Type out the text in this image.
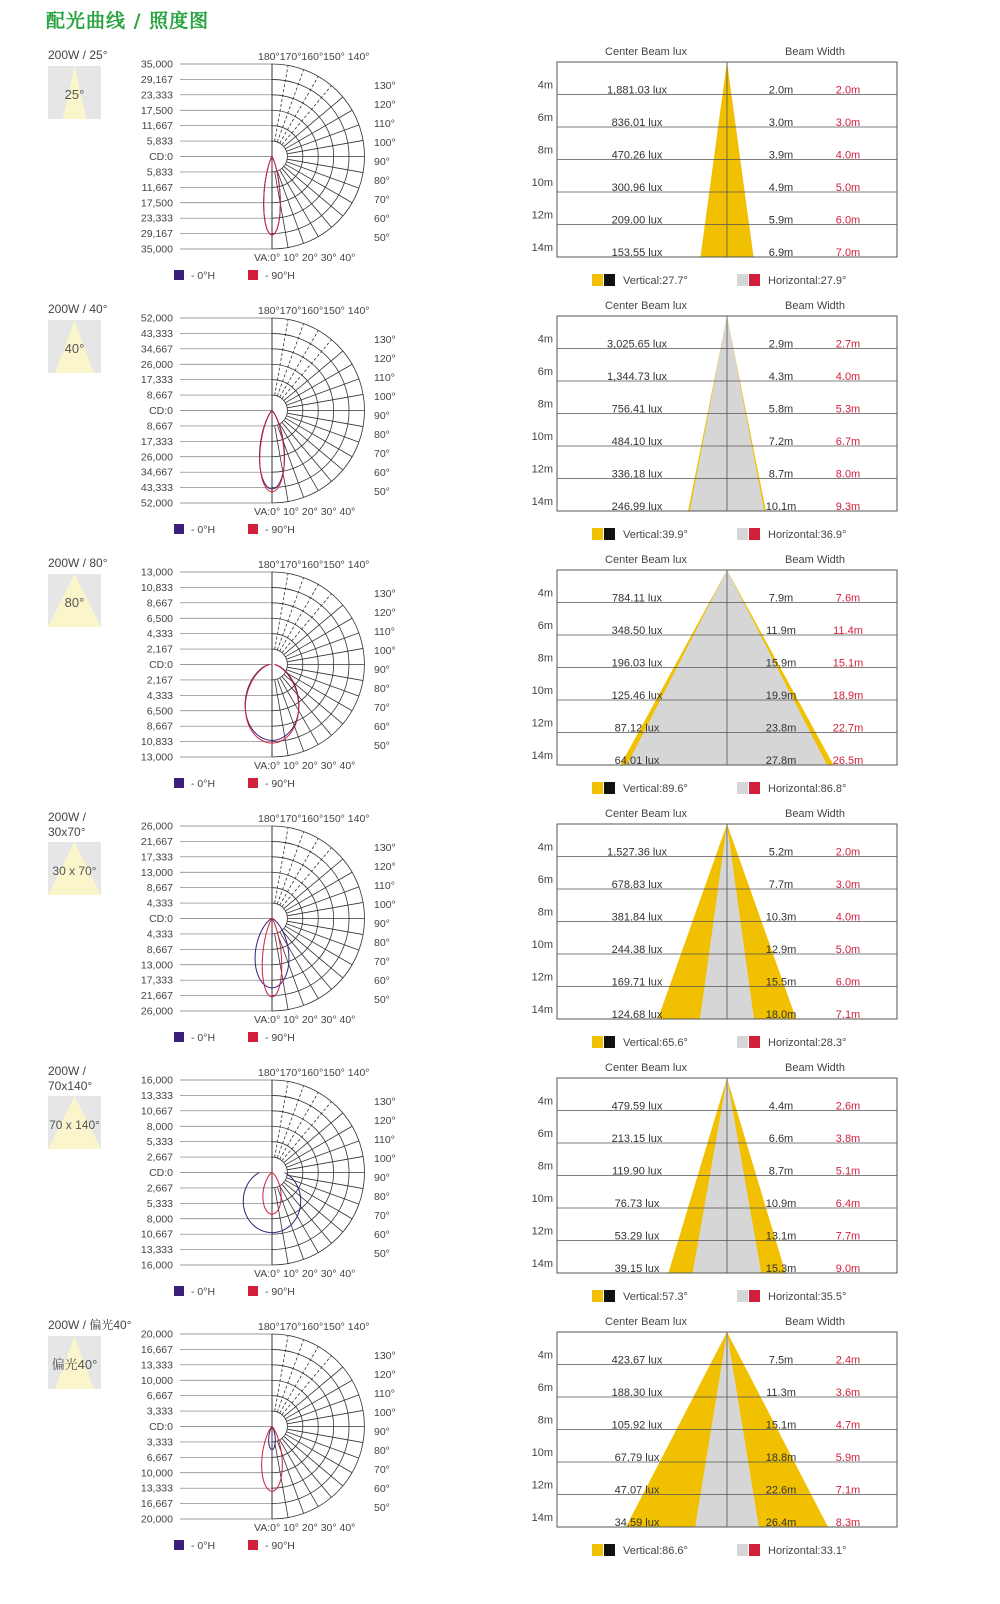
配光曲线 / 照度图
200W / 25°
25°
35,000
29,167
23,333
17,500
11,667
5,833
CD:0
5,833
11,667
17,500
23,333
29,167
35,000
180°170°160°150° 140°
130°
120°
110°
100°
90°
80°
70°
60°
50°
VA:0° 10° 20° 30° 40°
- 0°H	- 90°H
Center Beam lux	Beam Width
4m	1,881.03 lux	2.0m	2.0m
6m	836.01 lux	3.0m	3.0m
8m	470.26 lux	3.9m	4.0m
10m	300.96 lux	4.9m	5.0m
12m	209.00 lux	5.9m	6.0m
14m	153.55 lux	6.9m	7.0m
Vertical:27.7°	Horizontal:27.9°
200W / 40°
40°
52,000
43,333
34,667
26,000
17,333
8,667
CD:0
8,667
17,333
26,000
34,667
43,333
52,000
180°170°160°150° 140°
130°
120°
110°
100°
90°
80°
70°
60°
50°
VA:0° 10° 20° 30° 40°
- 0°H	- 90°H
Center Beam lux	Beam Width
4m	3,025.65 lux	2.9m	2.7m
6m	1,344.73 lux	4.3m	4.0m
8m	756.41 lux	5.8m	5.3m
10m	484.10 lux	7.2m	6.7m
12m	336.18 lux	8.7m	8.0m
14m	246.99 lux	10.1m	9.3m
Vertical:39.9°	Horizontal:36.9°
200W / 80°
80°
13,000
10,833
8,667
6,500
4,333
2,167
CD:0
2,167
4,333
6,500
8,667
10,833
13,000
180°170°160°150° 140°
130°
120°
110°
100°
90°
80°
70°
60°
50°
VA:0° 10° 20° 30° 40°
- 0°H	- 90°H
Center Beam lux	Beam Width
4m	784.11 lux	7.9m	7.6m
6m	348.50 lux	11.9m	11.4m
8m	196.03 lux	15.9m	15.1m
10m	125.46 lux	19.9m	18.9m
12m	87.12 lux	23.8m	22.7m
14m	64.01 lux	27.8m	26.5m
Vertical:89.6°	Horizontal:86.8°
200W /
30x70°
30 x 70°
26,000
21,667
17,333
13,000
8,667
4,333
CD:0
4,333
8,667
13,000
17,333
21,667
26,000
180°170°160°150° 140°
130°
120°
110°
100°
90°
80°
70°
60°
50°
VA:0° 10° 20° 30° 40°
- 0°H	- 90°H
Center Beam lux	Beam Width
4m	1,527.36 lux	5.2m	2.0m
6m	678.83 lux	7.7m	3.0m
8m	381.84 lux	10.3m	4.0m
10m	244.38 lux	12.9m	5.0m
12m	169.71 lux	15.5m	6.0m
14m	124.68 lux	18.0m	7.1m
Vertical:65.6°	Horizontal:28.3°
200W /
70x140°
70 x 140°
16,000
13,333
10,667
8,000
5,333
2,667
CD:0
2,667
5,333
8,000
10,667
13,333
16,000
180°170°160°150° 140°
130°
120°
110°
100°
90°
80°
70°
60°
50°
VA:0° 10° 20° 30° 40°
- 0°H	- 90°H
Center Beam lux	Beam Width
4m	479.59 lux	4.4m	2.6m
6m	213.15 lux	6.6m	3.8m
8m	119.90 lux	8.7m	5.1m
10m	76.73 lux	10.9m	6.4m
12m	53.29 lux	13.1m	7.7m
14m	39.15 lux	15.3m	9.0m
Vertical:57.3°	Horizontal:35.5°
200W / 偏光40°
偏光40°
20,000
16,667
13,333
10,000
6,667
3,333
CD:0
3,333
6,667
10,000
13,333
16,667
20,000
180°170°160°150° 140°
130°
120°
110°
100°
90°
80°
70°
60°
50°
VA:0° 10° 20° 30° 40°
- 0°H	- 90°H
Center Beam lux	Beam Width
4m	423.67 lux	7.5m	2.4m
6m	188.30 lux	11.3m	3.6m
8m	105.92 lux	15.1m	4.7m
10m	67.79 lux	18.8m	5.9m
12m	47.07 lux	22.6m	7.1m
14m	34.59 lux	26.4m	8.3m
Vertical:86.6°	Horizontal:33.1°
